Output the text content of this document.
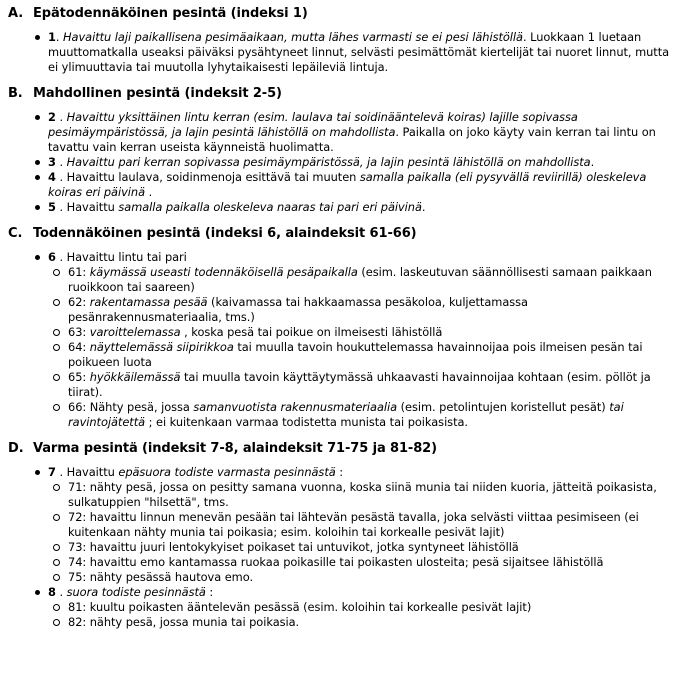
A. Epätodennäköinen pesintä (indeksi 1)
1. Havaittu laji paikallisena pesimäaikaan, mutta lähes varmasti se ei pesi lähistöllä. Luokkaan 1 luetaan muuttomatkalla useaksi päiväksi pysähtyneet linnut, selvästi pesimättömät kiertelijät tai nuoret linnut, mutta ei ylimuuttavia tai muutolla lyhytaikaisesti lepäileviä lintuja.
B. Mahdollinen pesintä (indeksit 2-5)
2 . Havaittu yksittäinen lintu kerran (esim. laulava tai soidinääntelevä koiras) lajille sopivassa pesimäympäristössä, ja lajin pesintä lähistöllä on mahdollista. Paikalla on joko käyty vain kerran tai lintu on tavattu vain kerran useista käynneistä huolimatta.
3 . Havaittu pari kerran sopivassa pesimäympäristössä, ja lajin pesintä lähistöllä on mahdollista.
4 . Havaittu laulava, soidinmenoja esittävä tai muuten samalla paikalla (eli pysyvällä reviirillä) oleskeleva koiras eri päivinä .
5 . Havaittu samalla paikalla oleskeleva naaras tai pari eri päivinä.
C. Todennäköinen pesintä (indeksi 6, alaindeksit 61-66)
6 . Havaittu lintu tai pari
61: käymässä useasti todennäköisellä pesäpaikalla (esim. laskeutuvan säännöllisesti samaan paikkaan ruoikkoon tai saareen)
62: rakentamassa pesää (kaivamassa tai hakkaamassa pesäkoloa, kuljettamassa pesänrakennusmateriaalia, tms.)
63: varoittelemassa , koska pesä tai poikue on ilmeisesti lähistöllä
64: näyttelemässä siipirikkoa tai muulla tavoin houkuttelemassa havainnoijaa pois ilmeisen pesän tai poikueen luota
65: hyökkäilemässä tai muulla tavoin käyttäytymässä uhkaavasti havainnoijaa kohtaan (esim. pöllöt ja tiirat).
66: Nähty pesä, jossa samanvuotista rakennusmateriaalia (esim. petolintujen koristellut pesät) tai ravintojätettä ; ei kuitenkaan varmaa todistetta munista tai poikasista.
D. Varma pesintä (indeksit 7-8, alaindeksit 71-75 ja 81-82)
7 . Havaittu epäsuora todiste varmasta pesinnästä :
71: nähty pesä, jossa on pesitty samana vuonna, koska siinä munia tai niiden kuoria, jätteitä poikasista, sulkatuppien "hilsettä", tms.
72: havaittu linnun menevän pesään tai lähtevän pesästä tavalla, joka selvästi viittaa pesimiseen (ei kuitenkaan nähty munia tai poikasia; esim. koloihin tai korkealle pesivät lajit)
73: havaittu juuri lentokykyiset poikaset tai untuvikot, jotka syntyneet lähistöllä
74: havaittu emo kantamassa ruokaa poikasille tai poikasten ulosteita; pesä sijaitsee lähistöllä
75: nähty pesässä hautova emo.
8 . suora todiste pesinnästä :
81: kuultu poikasten ääntelevän pesässä (esim. koloihin tai korkealle pesivät lajit)
82: nähty pesä, jossa munia tai poikasia.
